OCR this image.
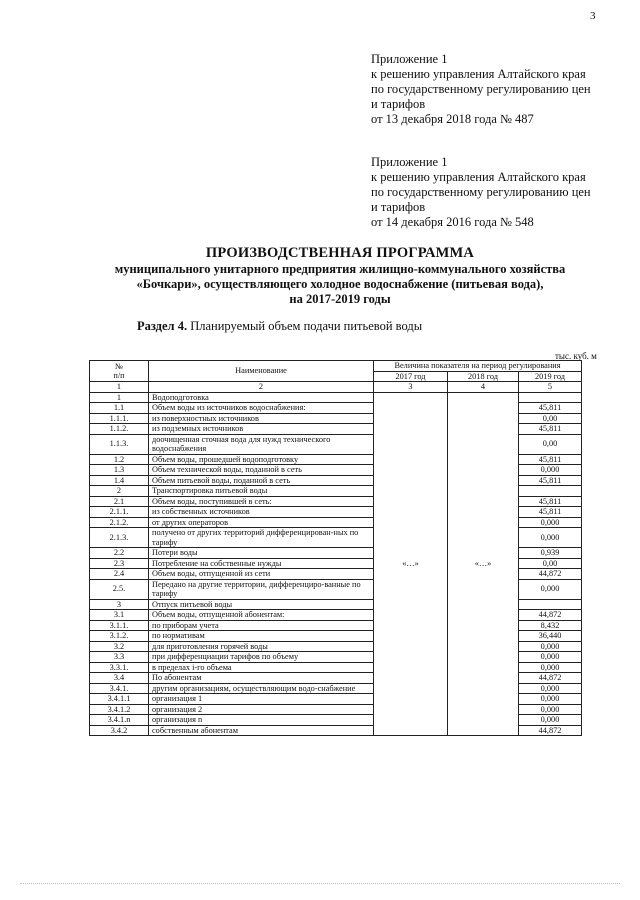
3
Приложение 1
к решению управления Алтайского края
по государственному регулированию цен
и тарифов
от 13 декабря 2018 года № 487
Приложение 1
к решению управления Алтайского края
по государственному регулированию цен
и тарифов
от 14 декабря 2016 года № 548
ПРОИЗВОДСТВЕННАЯ ПРОГРАММА
муниципального унитарного предприятия жилищно-коммунального хозяйства
«Бочкари», осуществляющего холодное водоснабжение (питьевая вода),
на 2017-2019 годы
Раздел 4. Планируемый объем подачи питьевой воды
тыс. куб. м
№
п/п	Наименование	Величина показателя на период регулирования		
		2017 год	2018 год	2019 год
1	2	3	4	5
1	Водоподготовка	«…»	«…»	
1.1	Объем воды из источников водоснабжения:			45,811
1.1.1.	из поверхностных источников			0,00
1.1.2.	из подземных источников			45,811
1.1.3.	доочищенная сточная вода для нужд технического водоснабжения			0,00
1.2	Объем воды, прошедшей водоподготовку			45,811
1.3	Объем технической воды, поданной в сеть			0,000
1.4	Объем питьевой воды, поданной в сеть			45,811
2	Транспортировка питьевой воды			
2.1	Объем воды, поступившей в сеть:			45,811
2.1.1.	из собственных источников			45,811
2.1.2.	от других операторов			0,000
2.1.3.	получено от других территорий дифференцирован-ных по тарифу			0,000
2.2	Потери воды			0,939
2.3	Потребление на собственные нужды			0,00
2.4	Объем воды, отпущенной из сети			44,872
2.5.	Передано на другие территории, дифференциро-ванные по тарифу			0,000
3	Отпуск питьевой воды			
3.1	Объем воды, отпущенной абонентам:			44,872
3.1.1.	по приборам учета			8,432
3.1.2.	по нормативам			36,440
3.2	для приготовления горячей воды			0,000
3.3	при дифференциации тарифов по объему			0,000
3.3.1.	в пределах i-го объема			0,000
3.4	По абонентам			44,872
3.4.1.	другим организациям, осуществляющим водо-снабжение			0,000
3.4.1.1	организация 1			0,000
3.4.1.2	организация 2			0,000
3.4.1.n	организация n			0,000
3.4.2	собственным абонентам			44,872
